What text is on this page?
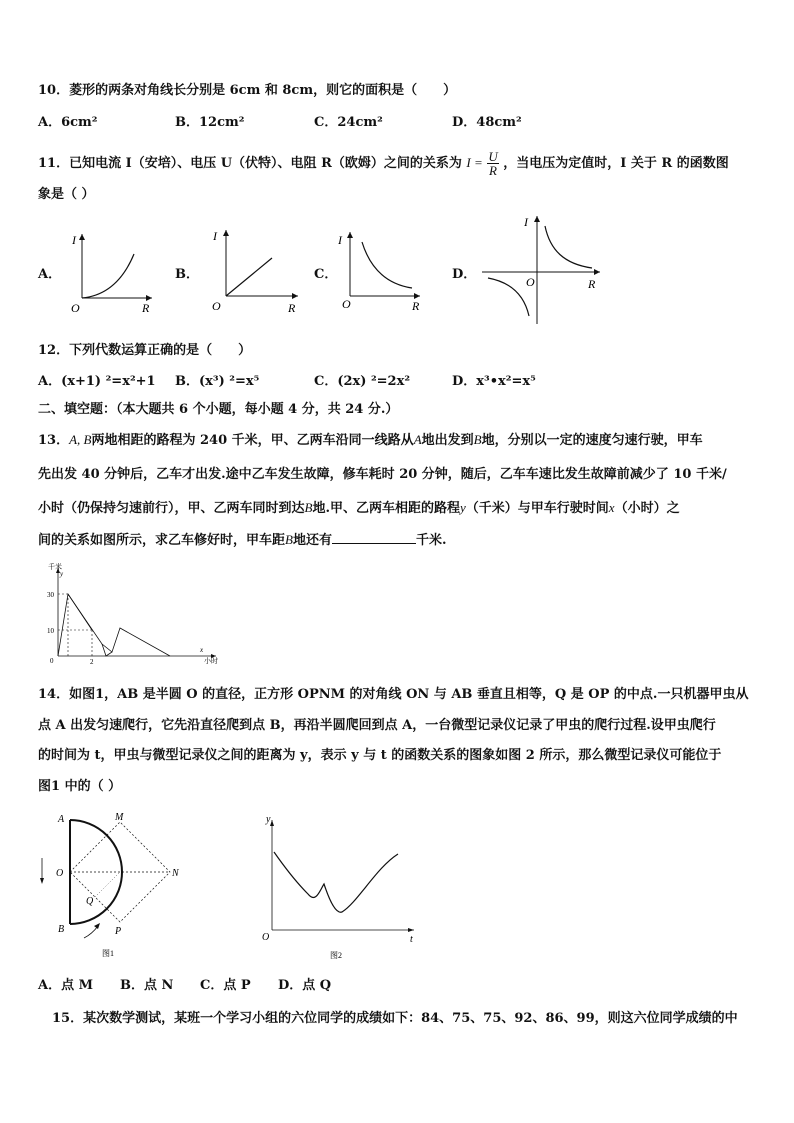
10．菱形的两条对角线长分别是 6cm 和 8cm，则它的面积是（　　）
A．6cm²	B．12cm²	C．24cm²	D．48cm²
11．已知电流 I（安培）、电压 U（伏特）、电阻 R（欧姆）之间的关系为 $I = \frac{U}{R}$ ，当电压为定值时，I 关于 R 的函数图
象是（ ）
A．	B．	C．	D．
I
O	R
I
O	R
I
O	R
I
O	R
12．下列代数运算正确的是（　　）
A．(x+1) ²=x²+1 B．(x³) ²=x⁵	C．(2x) ²=2x²	D．x³•x²=x⁵
二、填空题：（本大题共 6 个小题，每小题 4 分，共 24 分.）
13．A, B两地相距的路程为 240 千米，甲、乙两车沿同一线路从A地出发到B地，分别以一定的速度匀速行驶，甲车
先出发 40 分钟后，乙车才出发.途中乙车发生故障，修车耗时 20 分钟，随后，乙车车速比发生故障前减少了 10 千米/
小时（仍保持匀速前行），甲、乙两车同时到达B地.甲、乙两车相距的路程y（千米）与甲车行驶时间x（小时）之
间的关系如图所示，求乙车修好时，甲车距B地还有	千米.
千米
y
30
10
0	2
x
小时
14．如图1，AB 是半圆 O 的直径，正方形 OPNM 的对角线 ON 与 AB 垂直且相等，Q 是 OP 的中点.一只机器甲虫从
点 A 出发匀速爬行，它先沿直径爬到点 B，再沿半圆爬回到点 A，一台微型记录仪记录了甲虫的爬行过程.设甲虫爬行
的时间为 t，甲虫与微型记录仪之间的距离为 y，表示 y 与 t 的函数关系的图象如图 2 所示，那么微型记录仪可能位于
图1 中的（ ）
A	M
O	N
Q
P
B
图1
y
O	t
图2
A．点 M B．点 N C．点 P D．点 Q
15．某次数学测试，某班一个学习小组的六位同学的成绩如下：84、75、75、92、86、99，则这六位同学成绩的中
